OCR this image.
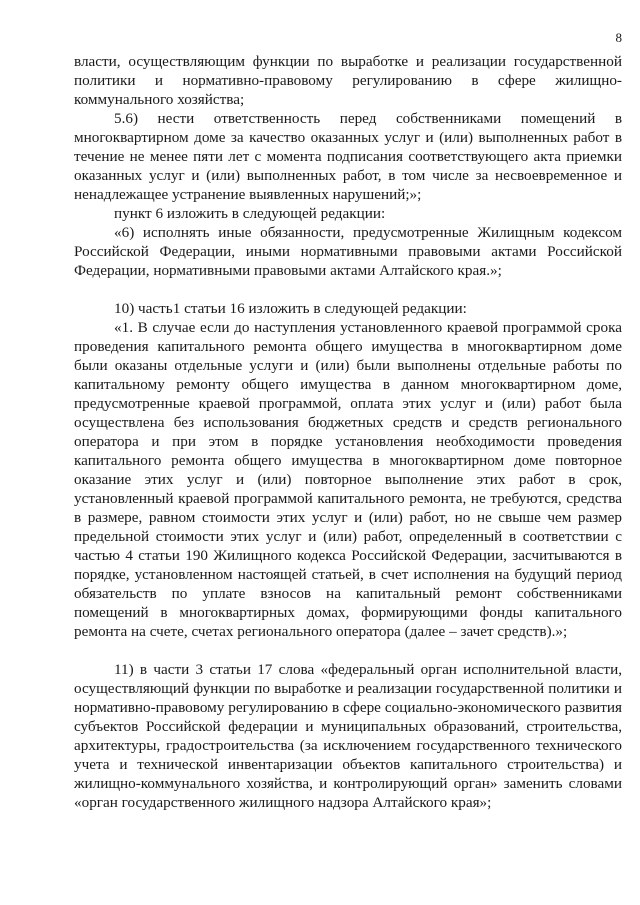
8

власти, осуществляющим функции по выработке и реализации государственной политики и нормативно-правовому регулированию в сфере жилищно-коммунального хозяйства;

5.6) нести ответственность перед собственниками помещений в многоквартирном доме за качество оказанных услуг и (или) выполненных работ в течение не менее пяти лет с момента подписания соответствующего акта приемки оказанных услуг и (или) выполненных работ, в том числе за несвоевременное и ненадлежащее устранение выявленных нарушений;»;

пункт 6 изложить в следующей редакции:

«6) исполнять иные обязанности, предусмотренные Жилищным кодексом Российской Федерации, иными нормативными правовыми актами Российской Федерации, нормативными правовыми актами Алтайского края.»;

10) часть1 статьи 16 изложить в следующей редакции:

«1. В случае если до наступления установленного краевой программой срока проведения капитального ремонта общего имущества в многоквартирном доме были оказаны отдельные услуги и (или) были выполнены отдельные работы по капитальному ремонту общего имущества в данном многоквартирном доме, предусмотренные краевой программой, оплата этих услуг и (или) работ была осуществлена без использования бюджетных средств и средств регионального оператора и при этом в порядке установления необходимости проведения капитального ремонта общего имущества в многоквартирном доме повторное оказание этих услуг и (или) повторное выполнение этих работ в срок, установленный краевой программой капитального ремонта, не требуются, средства в размере, равном стоимости этих услуг и (или) работ, но не свыше чем размер предельной стоимости этих услуг и (или) работ, определенный в соответствии с частью 4 статьи 190 Жилищного кодекса Российской Федерации, засчитываются в порядке, установленном настоящей статьей, в счет исполнения на будущий период обязательств по уплате взносов на капитальный ремонт собственниками помещений в многоквартирных домах, формирующими фонды капитального ремонта на счете, счетах регионального оператора (далее – зачет средств).»;

11) в части 3 статьи 17 слова «федеральный орган исполнительной власти, осуществляющий функции по выработке и реализации государственной политики и нормативно-правовому регулированию в сфере социально-экономического развития субъектов Российской федерации и муниципальных образований, строительства, архитектуры, градостроительства (за исключением государственного технического учета и технической инвентаризации объектов капитального строительства) и жилищно-коммунального хозяйства, и контролирующий орган» заменить словами «орган государственного жилищного надзора Алтайского края»;
